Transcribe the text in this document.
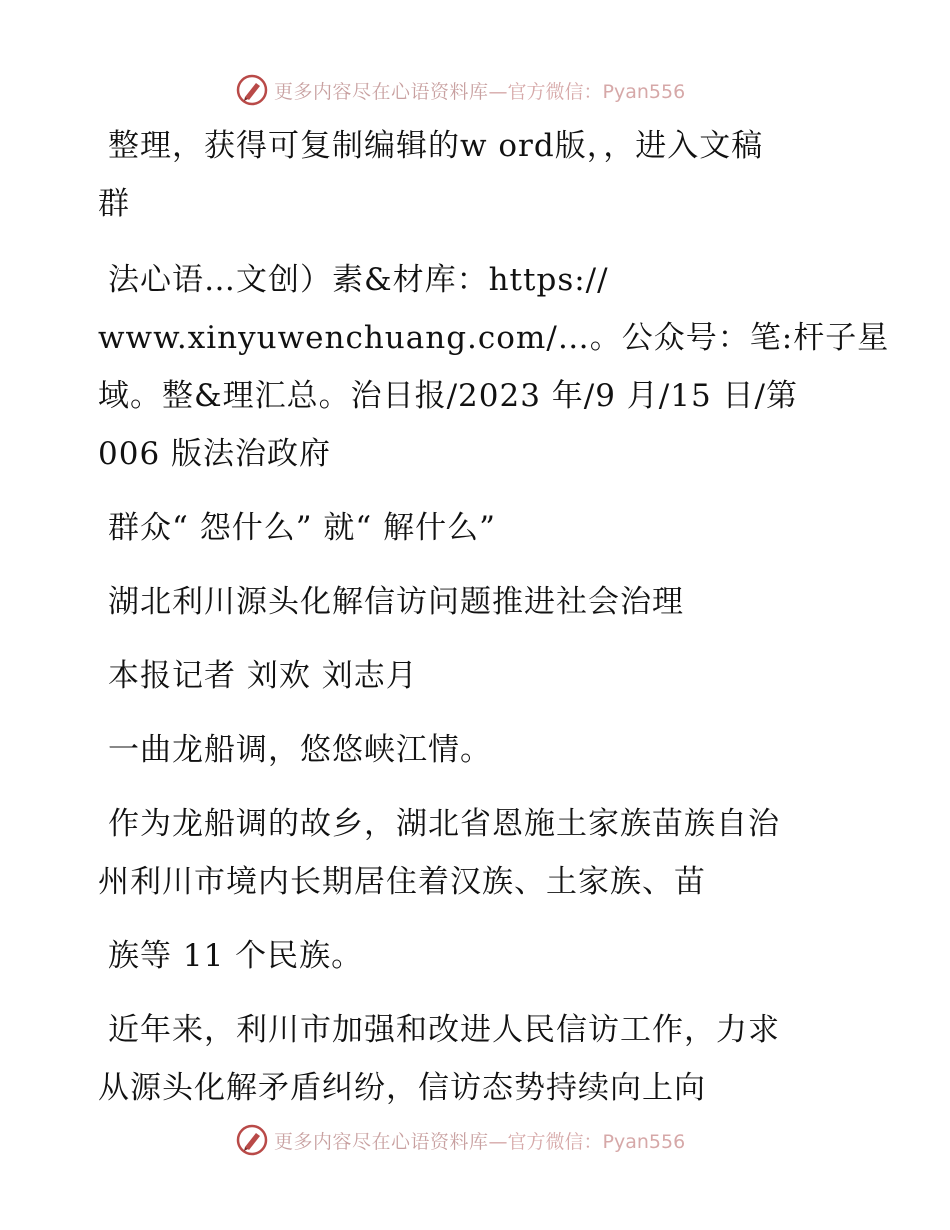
更多内容尽在心语资料库 —官方微信：Pyan556
整理，获得可复制编辑的w ord版，，进入文稿
群
法心语…文创）素&材库：https://
www.xinyuwenchuang.com/…。公众号：笔:杆子星
域。整&理汇总。治日报/2023 年/9 月/15 日/第
006 版法治政府
群众“ 怨什么” 就“ 解什么”
湖北利川源头化解信访问题推进社会治理
本报记者 刘欢 刘志月
一曲龙船调，悠悠峡江情。
作为龙船调的故乡，湖北省恩施土家族苗族自治
州利川市境内长期居住着汉族、土家族、苗
族等 11 个民族。
近年来，利川市加强和改进人民信访工作，力求
从源头化解矛盾纠纷，信访态势持续向上向
更多内容尽在心语资料库 —官方微信：Pyan556
